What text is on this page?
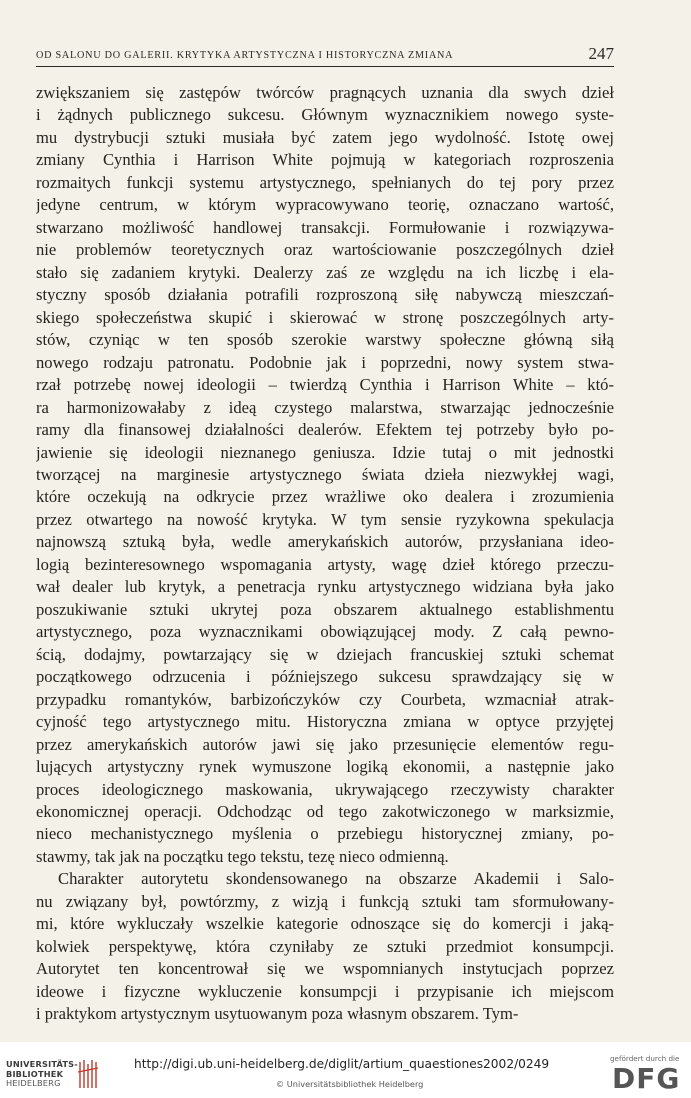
OD SALONU DO GALERII. KRYTYKA ARTYSTYCZNA I HISTORYCZNA ZMIANA	247
zwiększaniem się zastępów twórców pragnących uznania dla swych dzieł
i żądnych publicznego sukcesu. Głównym wyznacznikiem nowego syste-
mu dystrybucji sztuki musiała być zatem jego wydolność. Istotę owej
zmiany Cynthia i Harrison White pojmują w kategoriach rozproszenia
rozmaitych funkcji systemu artystycznego, spełnianych do tej pory przez
jedyne centrum, w którym wypracowywano teorię, oznaczano wartość,
stwarzano możliwość handlowej transakcji. Formułowanie i rozwiązywa-
nie problemów teoretycznych oraz wartościowanie poszczególnych dzieł
stało się zadaniem krytyki. Dealerzy zaś ze względu na ich liczbę i ela-
styczny sposób działania potrafili rozproszoną siłę nabywczą mieszczań-
skiego społeczeństwa skupić i skierować w stronę poszczególnych arty-
stów, czyniąc w ten sposób szerokie warstwy społeczne główną siłą
nowego rodzaju patronatu. Podobnie jak i poprzedni, nowy system stwa-
rzał potrzebę nowej ideologii – twierdzą Cynthia i Harrison White – któ-
ra harmonizowałaby z ideą czystego malarstwa, stwarzając jednocześnie
ramy dla finansowej działalności dealerów. Efektem tej potrzeby było po-
jawienie się ideologii nieznanego geniusza. Idzie tutaj o mit jednostki
tworzącej na marginesie artystycznego świata dzieła niezwykłej wagi,
które oczekują na odkrycie przez wrażliwe oko dealera i zrozumienia
przez otwartego na nowość krytyka. W tym sensie ryzykowna spekulacja
najnowszą sztuką była, wedle amerykańskich autorów, przysłaniana ideo-
logią bezinteresownego wspomagania artysty, wagę dzieł którego przeczu-
wał dealer lub krytyk, a penetracja rynku artystycznego widziana była jako
poszukiwanie sztuki ukrytej poza obszarem aktualnego establishmentu
artystycznego, poza wyznacznikami obowiązującej mody. Z całą pewno-
ścią, dodajmy, powtarzający się w dziejach francuskiej sztuki schemat
początkowego odrzucenia i późniejszego sukcesu sprawdzający się w
przypadku romantyków, barbizończyków czy Courbeta, wzmacniał atrak-
cyjność tego artystycznego mitu. Historyczna zmiana w optyce przyjętej
przez amerykańskich autorów jawi się jako przesunięcie elementów regu-
lujących artystyczny rynek wymuszone logiką ekonomii, a następnie jako
proces ideologicznego maskowania, ukrywającego rzeczywisty charakter
ekonomicznej operacji. Odchodząc od tego zakotwiczonego w marksizmie,
nieco mechanistycznego myślenia o przebiegu historycznej zmiany, po-
stawmy, tak jak na początku tego tekstu, tezę nieco odmienną.
Charakter autorytetu skondensowanego na obszarze Akademii i Salo-
nu związany był, powtórzmy, z wizją i funkcją sztuki tam sformułowany-
mi, które wykluczały wszelkie kategorie odnoszące się do komercji i jaką-
kolwiek perspektywę, która czyniłaby ze sztuki przedmiot konsumpcji.
Autorytet ten koncentrował się we wspomnianych instytucjach poprzez
ideowe i fizyczne wykluczenie konsumpcji i przypisanie ich miejscom
i praktykom artystycznym usytuowanym poza własnym obszarem. Tym-
UNIVERSITÄTS-
BIBLIOTHEK
HEIDELBERG
http://digi.ub.uni-heidelberg.de/diglit/artium_quaestiones2002/0249
© Universitätsbibliothek Heidelberg
gefördert durch die
DFG
